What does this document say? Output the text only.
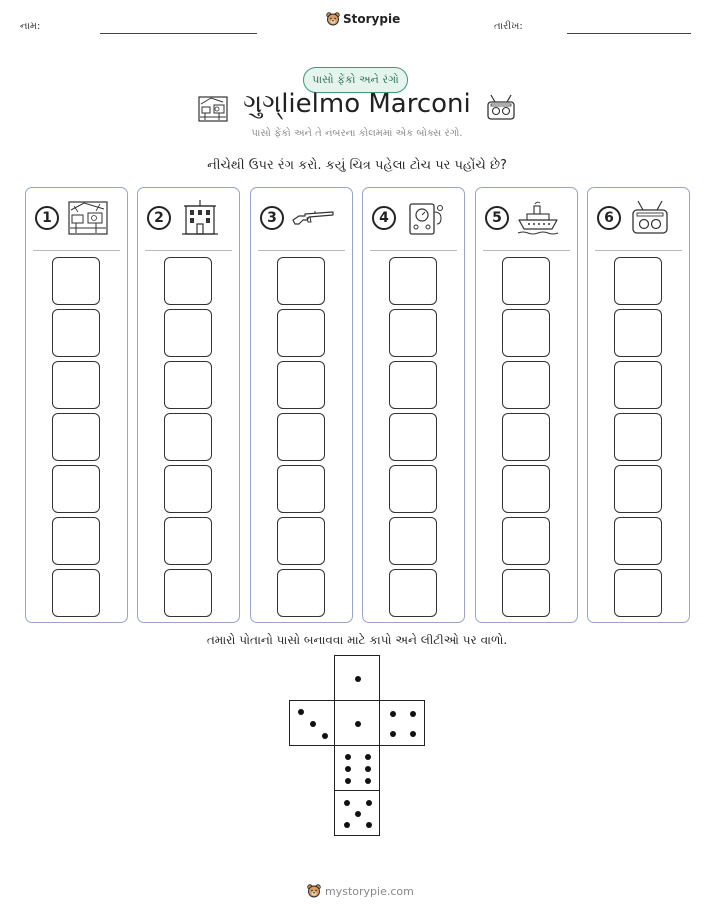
નામ:
Storypie
તારીખ:
પાસો ફેંકો અને રંગો
ગુગ્lielmo Marconi
પાસો ફેંકો અને તે નંબરના કોલમમાં એક બોક્સ રંગો.
નીચેથી ઉપર રંગ કરો. કયું ચિત્ર પહેલા ટોચ પર પહોંચે છે?
1	2	3	4	5	6
તમારો પોતાનો પાસો બનાવવા માટે કાપો અને લીટીઓ પર વાળો.
mystorypie.com
